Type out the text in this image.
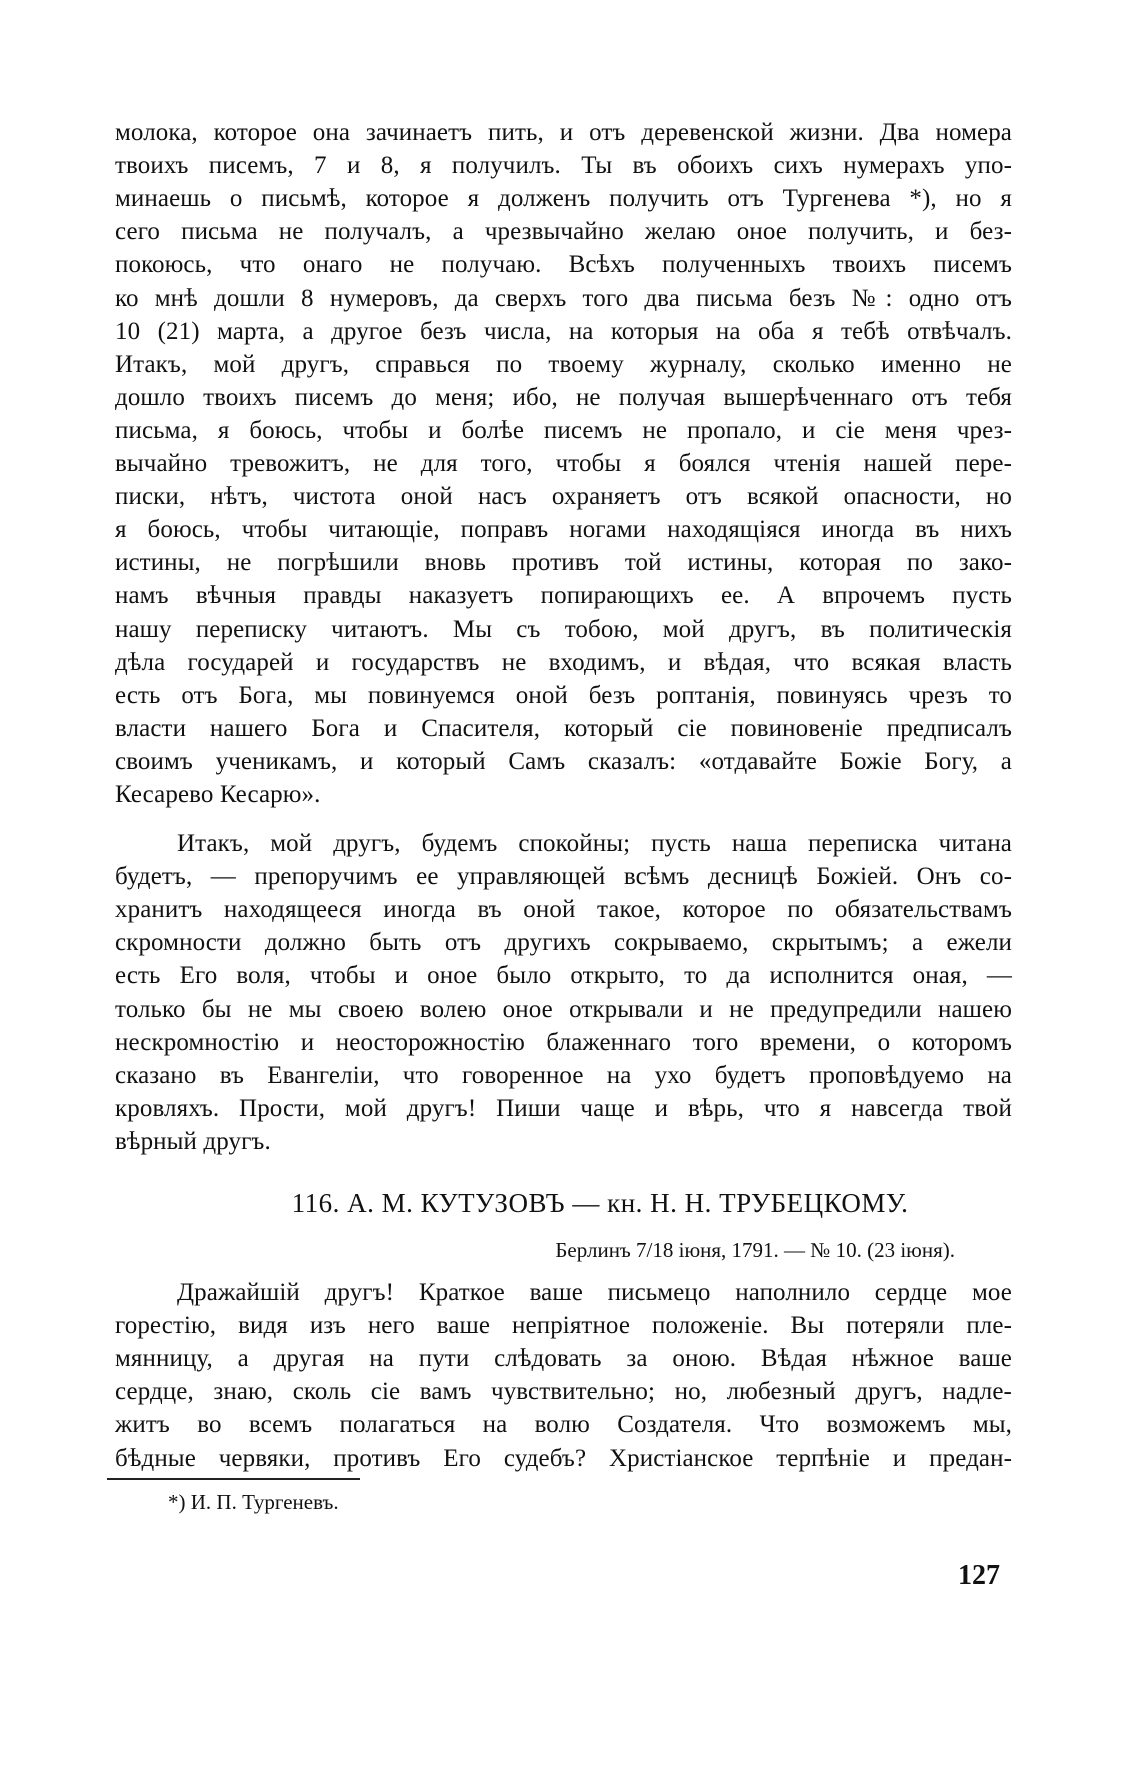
молока, которое она зачинаетъ пить, и отъ деревенской жизни. Два номера
твоихъ писемъ, 7 и 8, я получилъ. Ты въ обоихъ сихъ нумерахъ упо-
минаешь о письмѣ, которое я долженъ получить отъ Тургенева *), но я
сего письма не получалъ, а чрезвычайно желаю оное получить, и без-
покоюсь, что онаго не получаю. Всѣхъ полученныхъ твоихъ писемъ
ко мнѣ дошли 8 нумеровъ, да сверхъ того два письма безъ №: одно отъ
10 (21) марта, а другое безъ числа, на которыя на оба я тебѣ отвѣчалъ.
Итакъ, мой другъ, справься по твоему журналу, сколько именно не
дошло твоихъ писемъ до меня; ибо, не получая вышерѣченнаго отъ тебя
письма, я боюсь, чтобы и болѣе писемъ не пропало, и сіе меня чрез-
вычайно тревожитъ, не для того, чтобы я боялся чтенія нашей пере-
писки, нѣтъ, чистота оной насъ охраняетъ отъ всякой опасности, но
я боюсь, чтобы читающіе, поправъ ногами находящіяся иногда въ нихъ
истины, не погрѣшили вновь противъ той истины, которая по зако-
намъ вѣчныя правды наказуетъ попирающихъ ее. А впрочемъ пусть
нашу переписку читаютъ. Мы съ тобою, мой другъ, въ политическія
дѣла государей и государствъ не входимъ, и вѣдая, что всякая власть
есть отъ Бога, мы повинуемся оной безъ роптанія, повинуясь чрезъ то
власти нашего Бога и Спасителя, который сіе повиновеніе предписалъ
своимъ ученикамъ, и который Самъ сказалъ: «отдавайте Божіе Богу, а
Кесарево Кесарю».
Итакъ, мой другъ, будемъ спокойны; пусть наша переписка читана
будетъ, — препоручимъ ее управляющей всѣмъ десницѣ Божіей. Онъ со-
хранитъ находящееся иногда въ оной такое, которое по обязательствамъ
скромности должно быть отъ другихъ сокрываемо, скрытымъ; а ежели
есть Его воля, чтобы и оное было открыто, то да исполнится оная, —
только бы не мы своею волею оное открывали и не предупредили нашею
нескромностію и неосторожностію блаженнаго того времени, о которомъ
сказано въ Евангеліи, что говоренное на ухо будетъ проповѣдуемо на
кровляхъ. Прости, мой другъ! Пиши чаще и вѣрь, что я навсегда твой
вѣрный другъ.
116. А. М. КУТУЗОВЪ — кн. Н. Н. ТРУБЕЦКОМУ.
Берлинъ 7/18 іюня, 1791. — № 10. (23 іюня).
Дражайшій другъ! Краткое ваше письмецо наполнило сердце мое
горестію, видя изъ него ваше непріятное положеніе. Вы потеряли пле-
мянницу, а другая на пути слѣдовать за оною. Вѣдая нѣжное ваше
сердце, знаю, сколь сіе вамъ чувствительно; но, любезный другъ, надле-
житъ во всемъ полагаться на волю Создателя. Что возможемъ мы,
бѣдные червяки, противъ Его судебъ? Христіанское терпѣніе и предан-
*) И. П. Тургеневъ.
127
